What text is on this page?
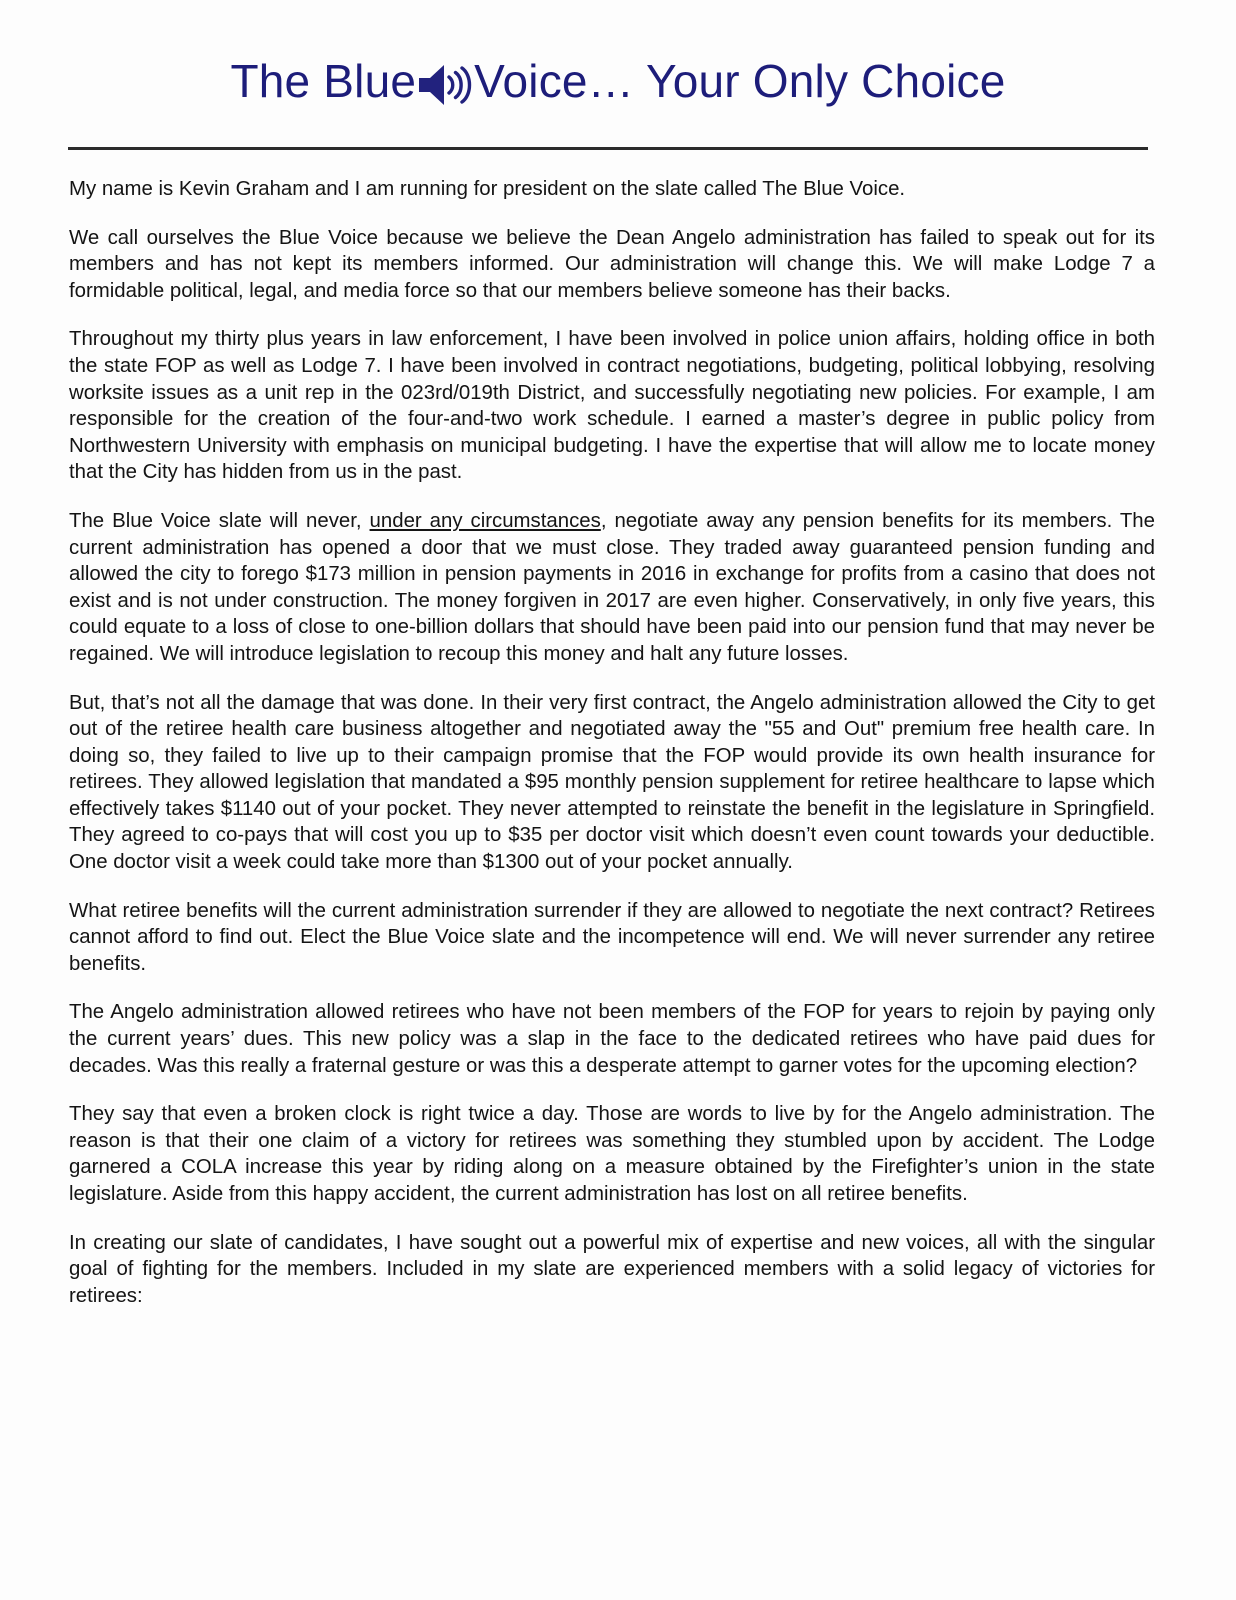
The Blue Voice… Your Only Choice

My name is Kevin Graham and I am running for president on the slate called The Blue Voice.

We call ourselves the Blue Voice because we believe the Dean Angelo administration has failed to speak out for its members and has not kept its members informed. Our administration will change this. We will make Lodge 7 a formidable political, legal, and media force so that our members believe someone has their backs.

Throughout my thirty plus years in law enforcement, I have been involved in police union affairs, holding office in both the state FOP as well as Lodge 7. I have been involved in contract negotiations, budgeting, political lobbying, resolving worksite issues as a unit rep in the 023rd/019th District, and successfully negotiating new policies. For example, I am responsible for the creation of the four-and-two work schedule. I earned a master’s degree in public policy from Northwestern University with emphasis on municipal budgeting. I have the expertise that will allow me to locate money that the City has hidden from us in the past.

The Blue Voice slate will never, under any circumstances, negotiate away any pension benefits for its members. The current administration has opened a door that we must close. They traded away guaranteed pension funding and allowed the city to forego $173 million in pension payments in 2016 in exchange for profits from a casino that does not exist and is not under construction. The money forgiven in 2017 are even higher. Conservatively, in only five years, this could equate to a loss of close to one-billion dollars that should have been paid into our pension fund that may never be regained. We will introduce legislation to recoup this money and halt any future losses.

But, that’s not all the damage that was done. In their very first contract, the Angelo administration allowed the City to get out of the retiree health care business altogether and negotiated away the "55 and Out" premium free health care. In doing so, they failed to live up to their campaign promise that the FOP would provide its own health insurance for retirees. They allowed legislation that mandated a $95 monthly pension supplement for retiree healthcare to lapse which effectively takes $1140 out of your pocket. They never attempted to reinstate the benefit in the legislature in Springfield. They agreed to co-pays that will cost you up to $35 per doctor visit which doesn’t even count towards your deductible. One doctor visit a week could take more than $1300 out of your pocket annually.

What retiree benefits will the current administration surrender if they are allowed to negotiate the next contract? Retirees cannot afford to find out. Elect the Blue Voice slate and the incompetence will end. We will never surrender any retiree benefits.

The Angelo administration allowed retirees who have not been members of the FOP for years to rejoin by paying only the current years’ dues. This new policy was a slap in the face to the dedicated retirees who have paid dues for decades. Was this really a fraternal gesture or was this a desperate attempt to garner votes for the upcoming election?

They say that even a broken clock is right twice a day. Those are words to live by for the Angelo administration. The reason is that their one claim of a victory for retirees was something they stumbled upon by accident. The Lodge garnered a COLA increase this year by riding along on a measure obtained by the Firefighter’s union in the state legislature. Aside from this happy accident, the current administration has lost on all retiree benefits.

In creating our slate of candidates, I have sought out a powerful mix of expertise and new voices, all with the singular goal of fighting for the members. Included in my slate are experienced members with a solid legacy of victories for retirees:
